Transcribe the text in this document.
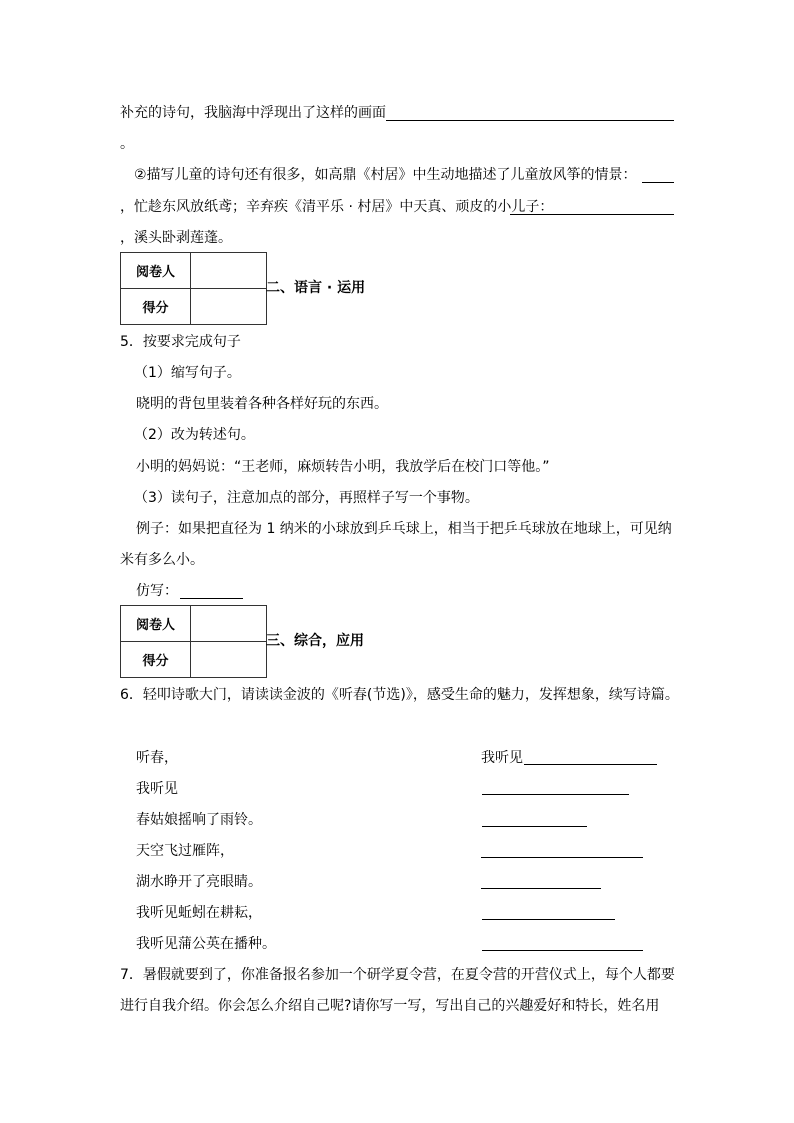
补充的诗句，我脑海中浮现出了这样的画面
。
②描写儿童的诗句还有很多，如高鼎《村居》中生动地描述了儿童放风筝的情景：
，忙趁东风放纸鸢；辛弃疾《清平乐 · 村居》中天真、顽皮的小儿子：
，溪头卧剥莲蓬。
阅卷人	
得分	
二、语言 · 运用
5．按要求完成句子
（1）缩写句子。
晓明的背包里装着各种各样好玩的东西。
（2）改为转述句。
小明的妈妈说：“王老师，麻烦转告小明，我放学后在校门口等他。”
（3）读句子，注意加点的部分，再照样子写一个事物。
例子：如果把直径为 1 纳米的小球放到乒乓球上，相当于把乒乓球放在地球上，可见纳
米有多么小。
仿写：
阅卷人	
得分	
三、综合，应用
6．轻叩诗歌大门，请读读金波的《听春(节选)》，感受生命的魅力，发挥想象，续写诗篇。
听春，
我听见
春姑娘摇响了雨铃。
天空飞过雁阵，
湖水睁开了亮眼睛。
我听见蚯蚓在耕耘，
我听见蒲公英在播种。
我听见
7．暑假就要到了，你准备报名参加一个研学夏令营，在夏令营的开营仪式上，每个人都要
进行自我介绍。你会怎么介绍自己呢?请你写一写，写出自己的兴趣爱好和特长，姓名用
